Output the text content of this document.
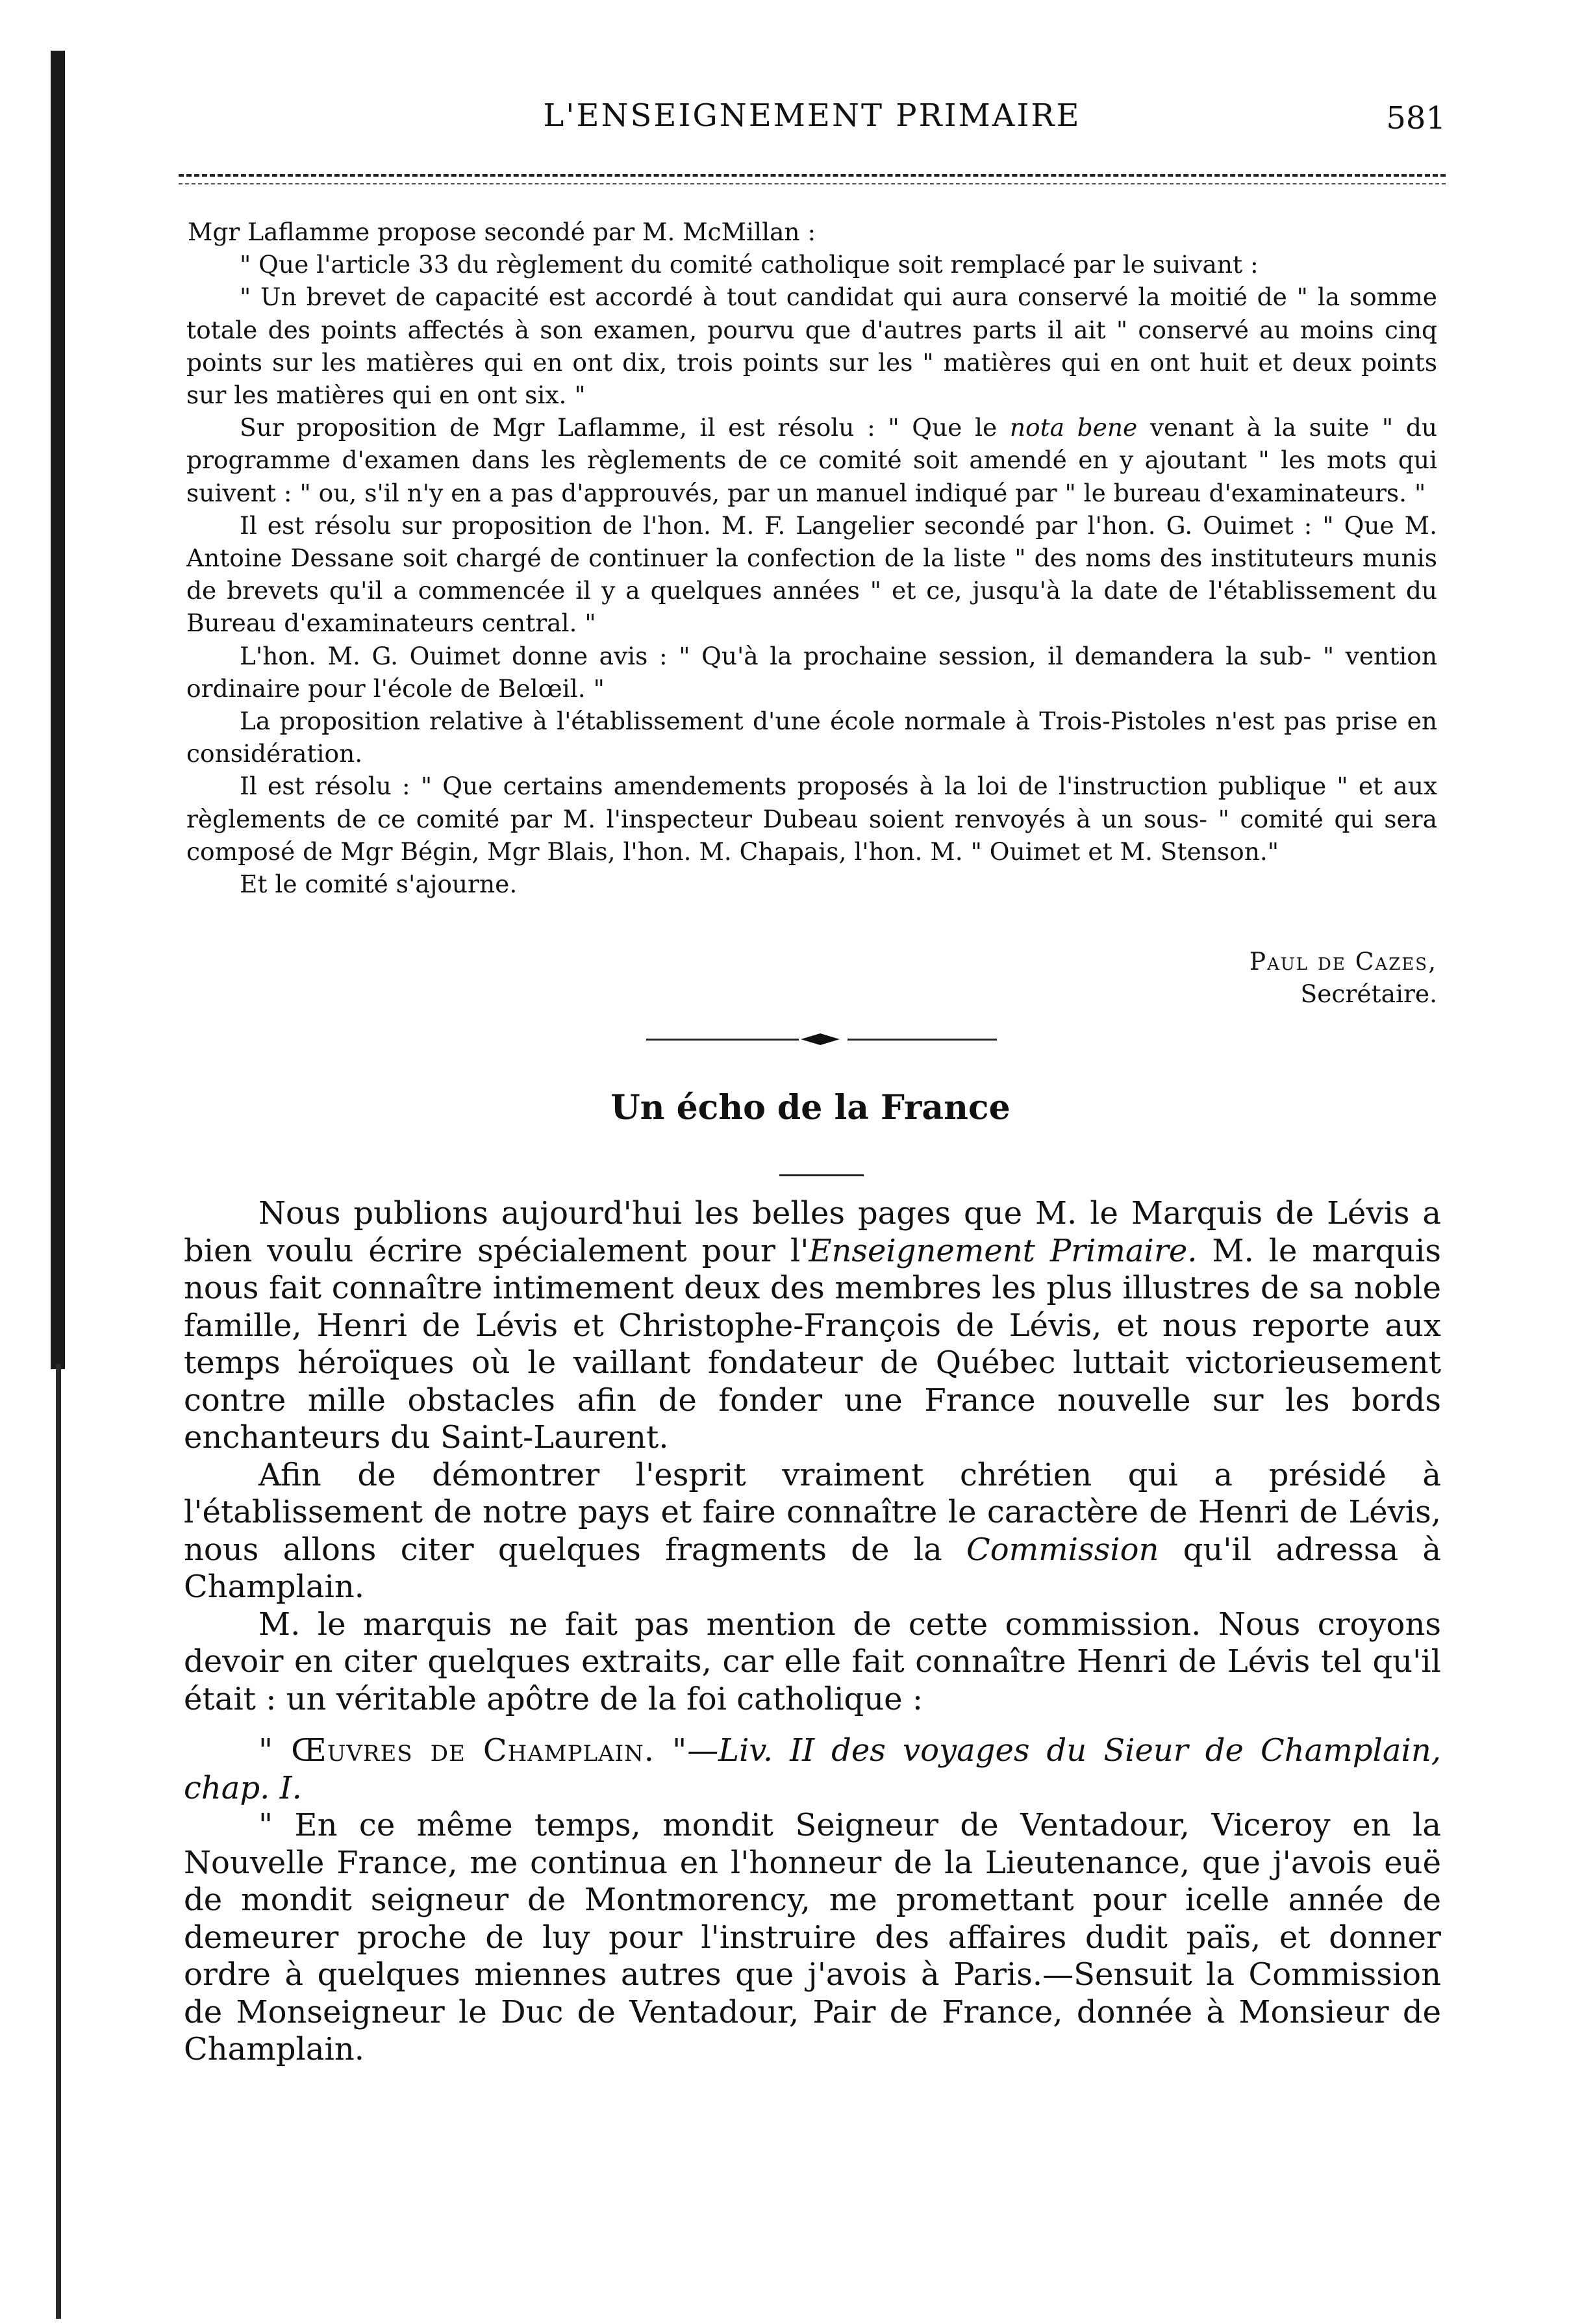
L'ENSEIGNEMENT PRIMAIRE	581

Mgr Laflamme propose secondé par M. McMillan :

" Que l'article 33 du règlement du comité catholique soit remplacé par le suivant :

" Un brevet de capacité est accordé à tout candidat qui aura conservé la moitié de " la somme totale des points affectés à son examen, pourvu que d'autres parts il ait " conservé au moins cinq points sur les matières qui en ont dix, trois points sur les " matières qui en ont huit et deux points sur les matières qui en ont six. "

Sur proposition de Mgr Laflamme, il est résolu : " Que le nota bene venant à la suite " du programme d'examen dans les règlements de ce comité soit amendé en y ajoutant " les mots qui suivent : " ou, s'il n'y en a pas d'approuvés, par un manuel indiqué par " le bureau d'examinateurs. "

Il est résolu sur proposition de l'hon. M. F. Langelier secondé par l'hon. G. Ouimet : " Que M. Antoine Dessane soit chargé de continuer la confection de la liste " des noms des instituteurs munis de brevets qu'il a commencée il y a quelques années " et ce, jusqu'à la date de l'établissement du Bureau d'examinateurs central. "

L'hon. M. G. Ouimet donne avis : " Qu'à la prochaine session, il demandera la sub- " vention ordinaire pour l'école de Belœil. "

La proposition relative à l'établissement d'une école normale à Trois-Pistoles n'est pas prise en considération.

Il est résolu : " Que certains amendements proposés à la loi de l'instruction publique " et aux règlements de ce comité par M. l'inspecteur Dubeau soient renvoyés à un sous- " comité qui sera composé de Mgr Bégin, Mgr Blais, l'hon. M. Chapais, l'hon. M. " Ouimet et M. Stenson."

Et le comité s'ajourne.

Paul de Cazes,
Secrétaire.
Un écho de la France

Nous publions aujourd'hui les belles pages que M. le Marquis de Lévis a bien voulu écrire spécialement pour l'Enseignement Primaire. M. le marquis nous fait connaître intimement deux des membres les plus illustres de sa noble famille, Henri de Lévis et Christophe-François de Lévis, et nous reporte aux temps héroïques où le vaillant fondateur de Québec luttait victorieusement contre mille obstacles afin de fonder une France nouvelle sur les bords enchanteurs du Saint-Laurent.

Afin de démontrer l'esprit vraiment chrétien qui a présidé à l'établissement de notre pays et faire connaître le caractère de Henri de Lévis, nous allons citer quelques fragments de la Commission qu'il adressa à Champlain.

M. le marquis ne fait pas mention de cette commission. Nous croyons devoir en citer quelques extraits, car elle fait connaître Henri de Lévis tel qu'il était : un véritable apôtre de la foi catholique :

" Œuvres de Champlain. "—Liv. II des voyages du Sieur de Champlain, chap. I.

" En ce même temps, mondit Seigneur de Ventadour, Viceroy en la Nouvelle France, me continua en l'honneur de la Lieutenance, que j'avois euë de mondit seigneur de Montmorency, me promettant pour icelle année de demeurer proche de luy pour l'instruire des affaires dudit païs, et donner ordre à quelques miennes autres que j'avois à Paris.—Sensuit la Commission de Monseigneur le Duc de Ventadour, Pair de France, donnée à Monsieur de Champlain.
